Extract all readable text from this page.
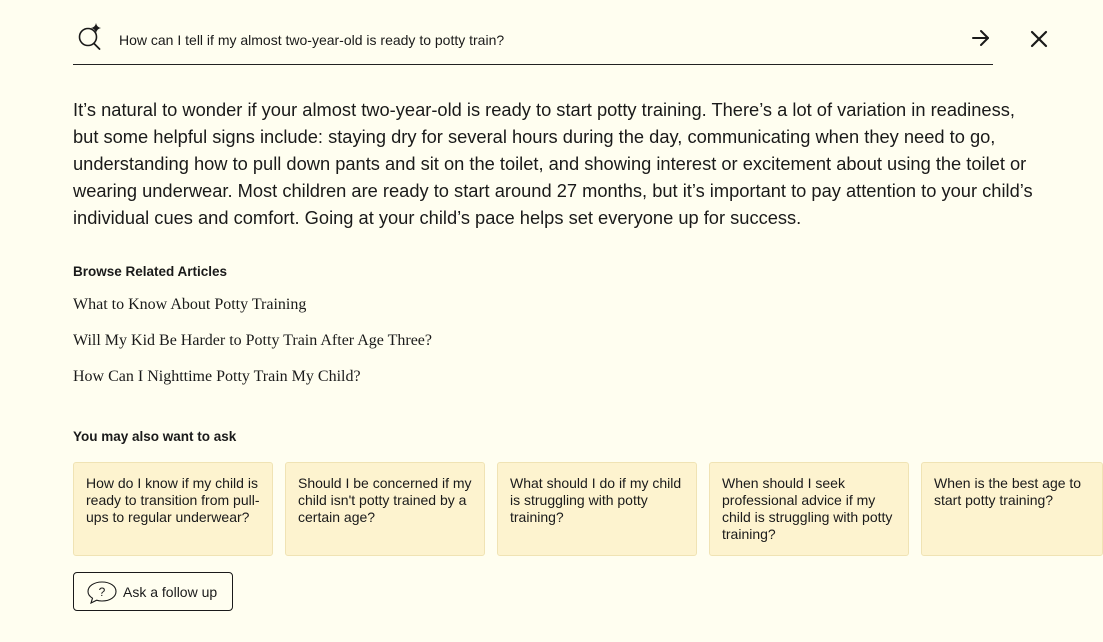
How can I tell if my almost two-year-old is ready to potty train?

It’s natural to wonder if your almost two-year-old is ready to start potty training. There’s a lot of variation in readiness, but some helpful signs include: staying dry for several hours during the day, communicating when they need to go, understanding how to pull down pants and sit on the toilet, and showing interest or excitement about using the toilet or wearing underwear. Most children are ready to start around 27 months, but it’s important to pay attention to your child’s individual cues and comfort. Going at your child’s pace helps set everyone up for success.

Browse Related Articles
What to Know About Potty Training
Will My Kid Be Harder to Potty Train After Age Three?
How Can I Nighttime Potty Train My Child?
You may also want to ask
How do I know if my child is ready to transition from pull-ups to regular underwear?
Should I be concerned if my child isn't potty trained by a certain age?
What should I do if my child is struggling with potty training?
When should I seek professional advice if my child is struggling with potty training?
When is the best age to start potty training?
? Ask a follow up
